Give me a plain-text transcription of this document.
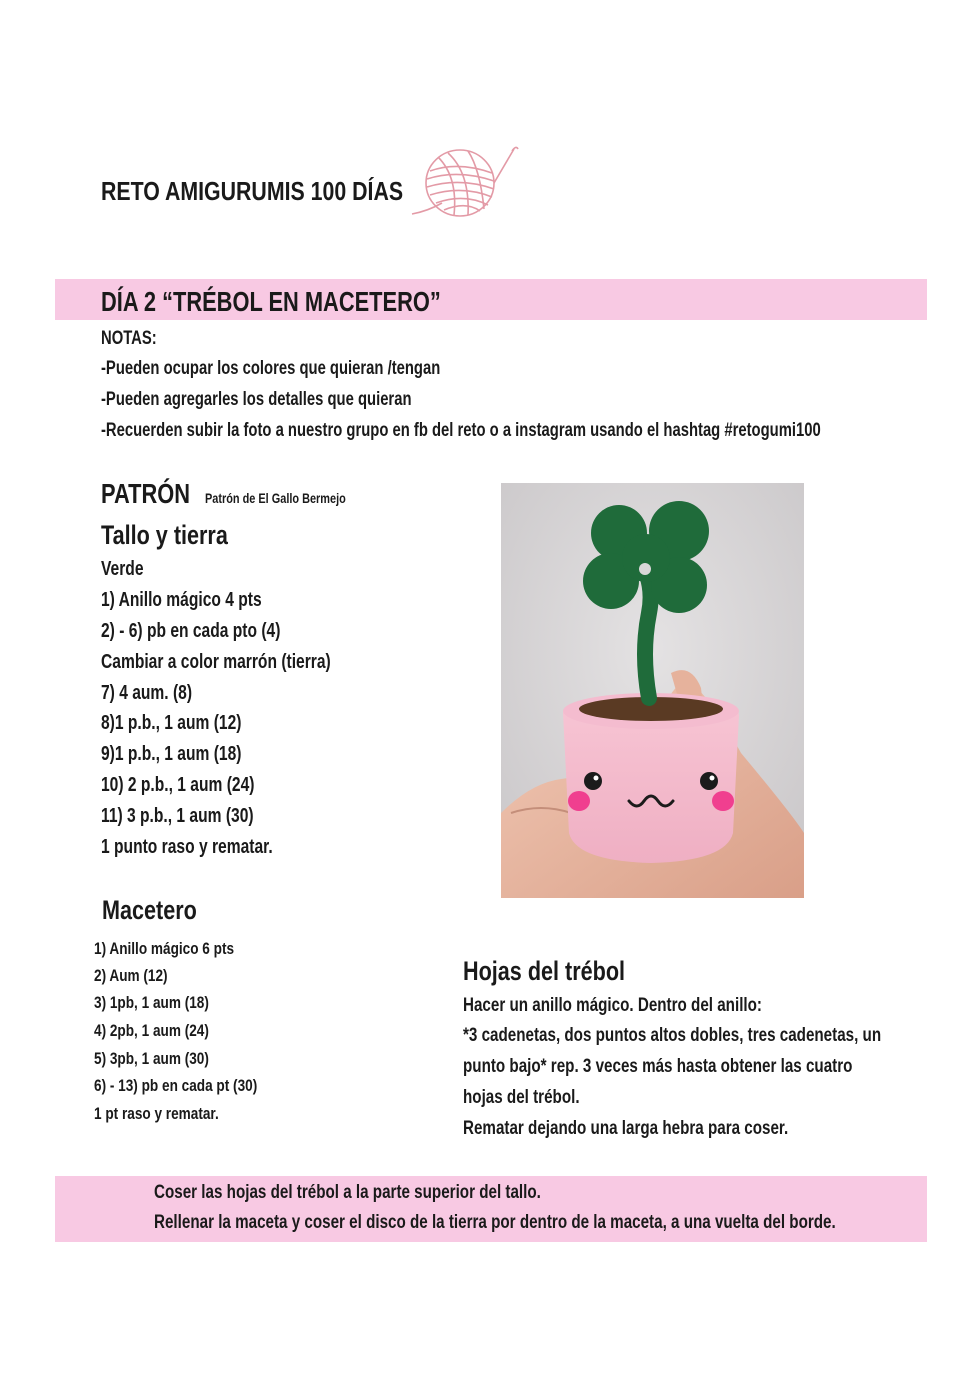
RETO AMIGURUMIS 100 DÍAS
DÍA 2 “TRÉBOL EN MACETERO”
NOTAS:
-Pueden ocupar los colores que quieran /tengan
-Pueden agregarles los detalles que quieran
-Recuerden subir la foto a nuestro grupo en fb del reto o a instagram usando el hashtag #retogumi100
PATRÓN Patrón de El Gallo Bermejo
Tallo y tierra
Verde
1) Anillo mágico 4 pts
2) - 6) pb en cada pto (4)
Cambiar a color marrón (tierra)
7) 4 aum. (8)
8)1 p.b., 1 aum (12)
9)1 p.b., 1 aum (18)
10) 2 p.b., 1 aum (24)
11) 3 p.b., 1 aum (30)
1 punto raso y rematar.
Macetero
1) Anillo mágico 6 pts
2) Aum (12)
3) 1pb, 1 aum (18)
4) 2pb, 1 aum (24)
5) 3pb, 1 aum (30)
6) - 13) pb en cada pt (30)
1 pt raso y rematar.
Hojas del trébol
Hacer un anillo mágico. Dentro del anillo:
*3 cadenetas, dos puntos altos dobles, tres cadenetas, un
punto bajo* rep. 3 veces más hasta obtener las cuatro
hojas del trébol.
Rematar dejando una larga hebra para coser.
Coser las hojas del trébol a la parte superior del tallo.
Rellenar la maceta y coser el disco de la tierra por dentro de la maceta, a una vuelta del borde.
